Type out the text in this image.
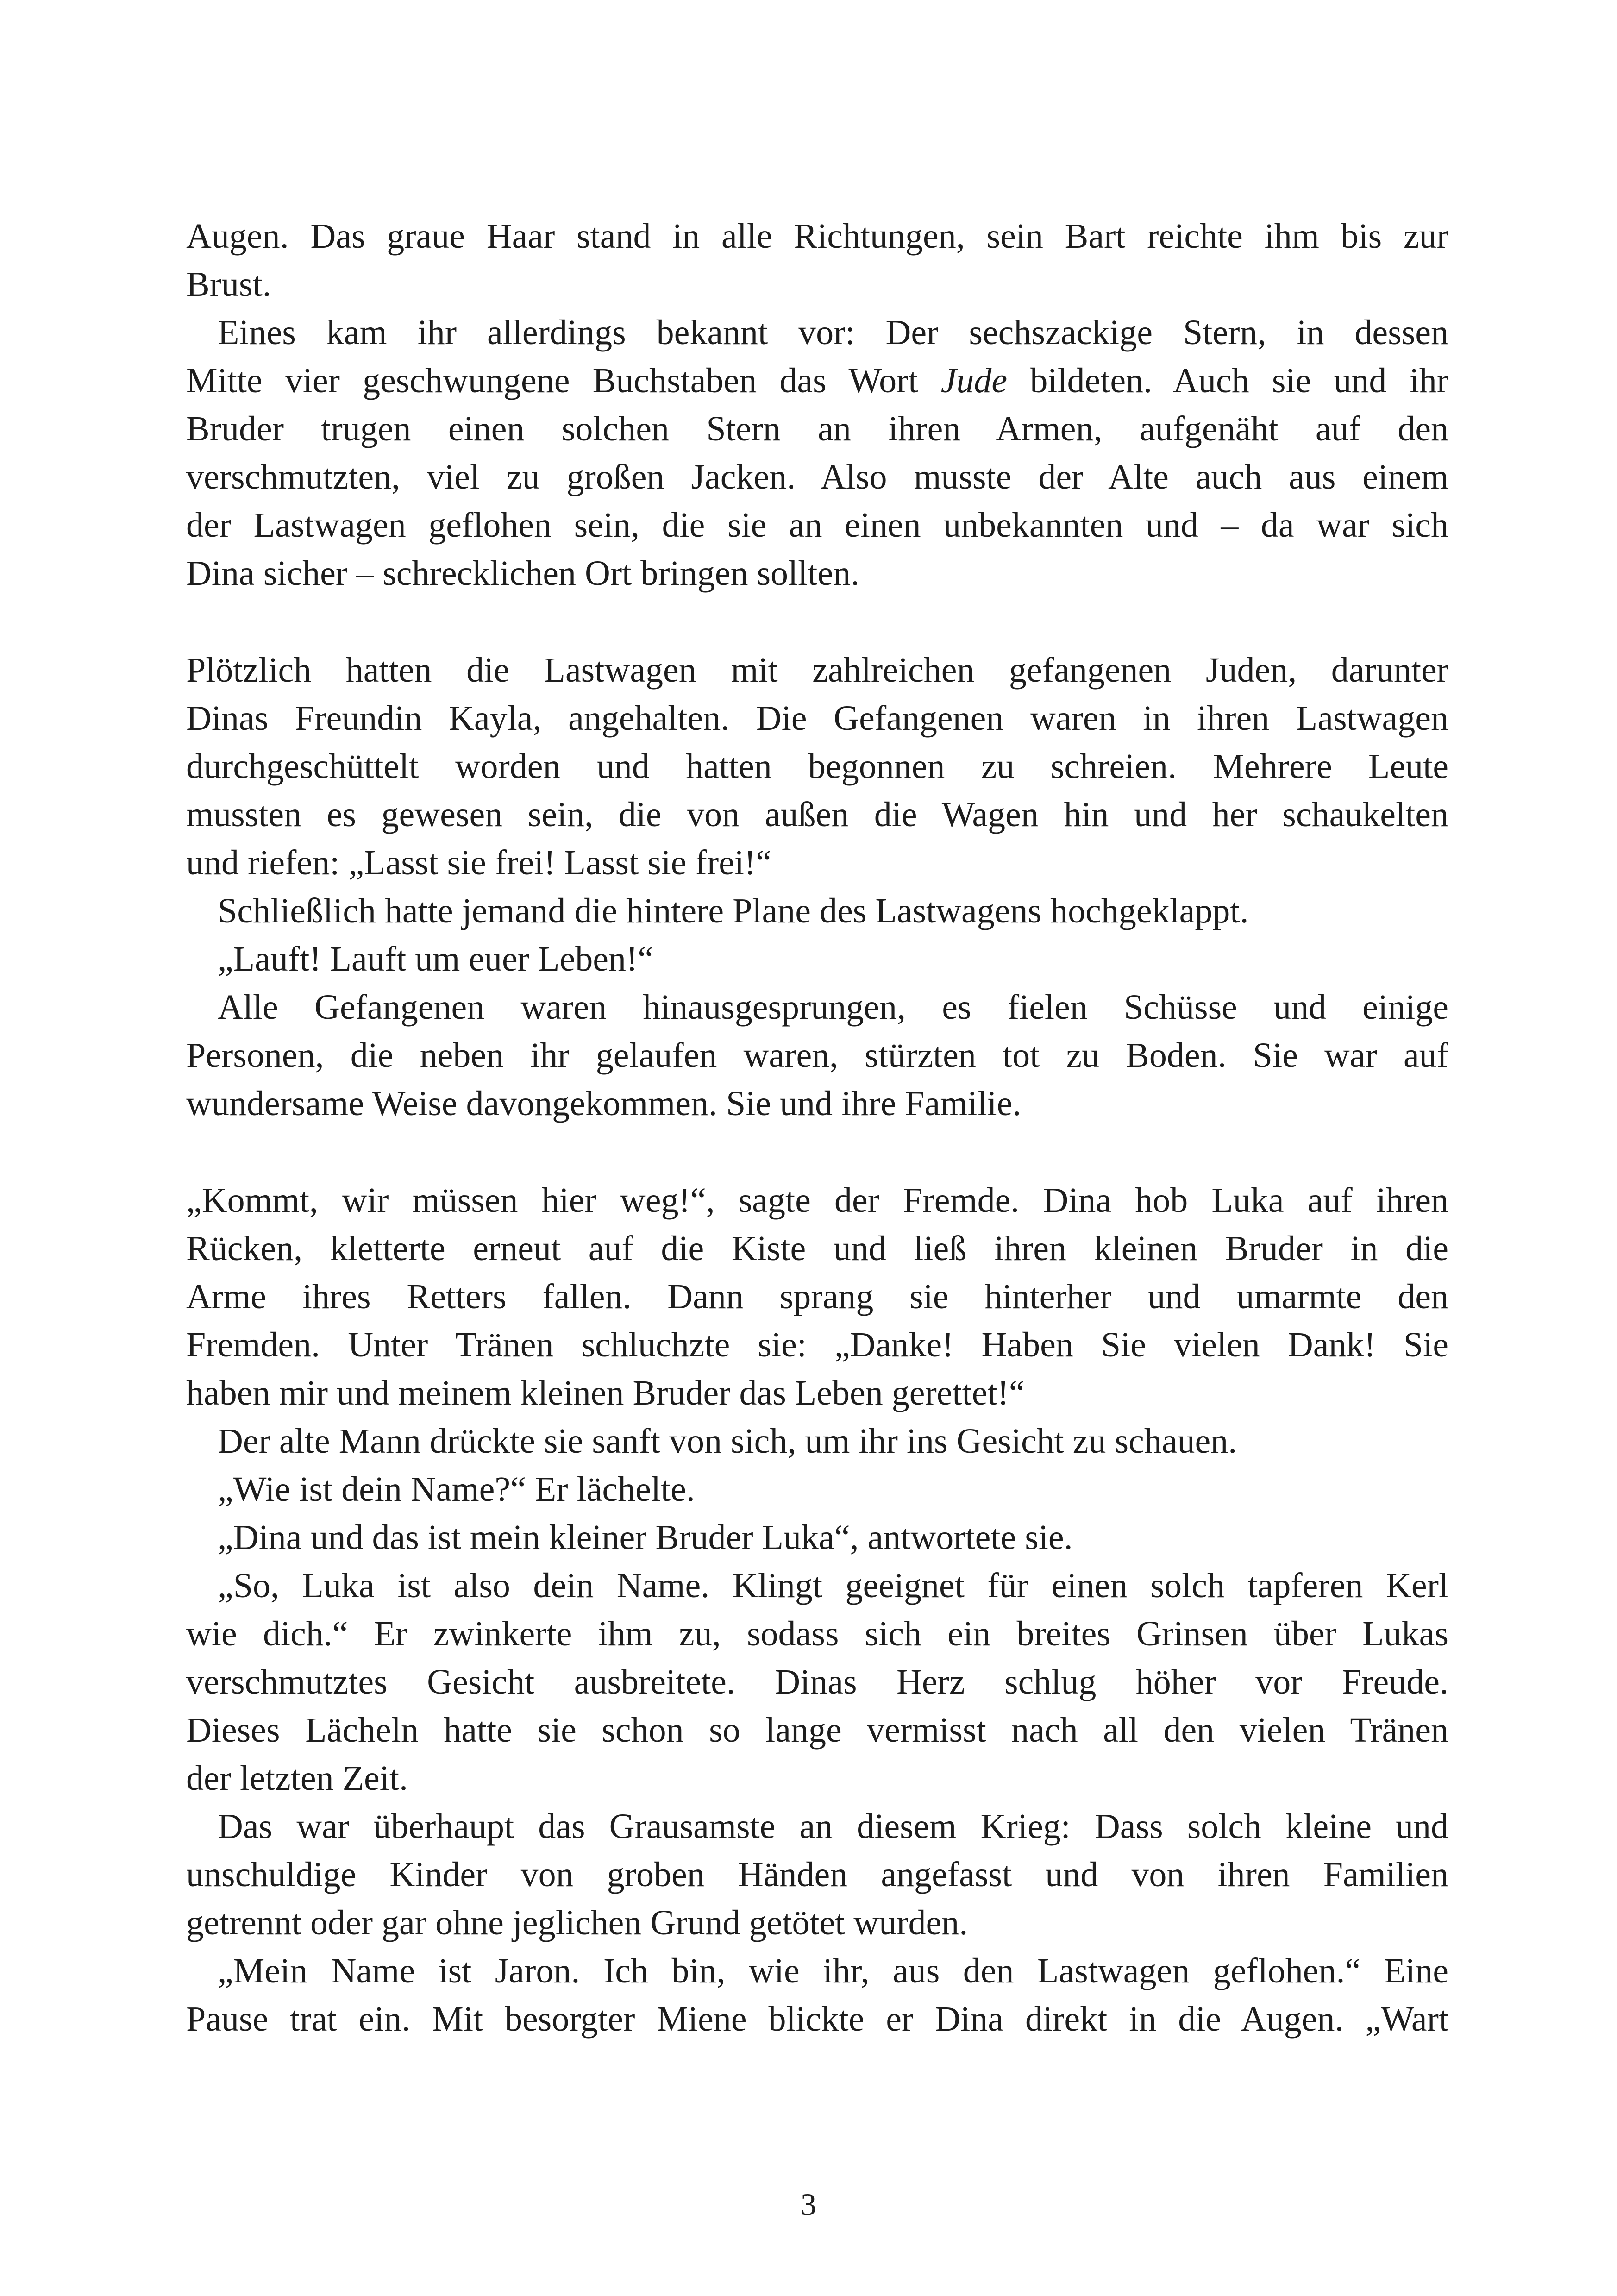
Augen. Das graue Haar stand in alle Richtungen, sein Bart reichte ihm bis zur
Brust.
Eines kam ihr allerdings bekannt vor: Der sechszackige Stern, in dessen
Mitte vier geschwungene Buchstaben das Wort Jude bildeten. Auch sie und ihr
Bruder trugen einen solchen Stern an ihren Armen, aufgenäht auf den
verschmutzten, viel zu großen Jacken. Also musste der Alte auch aus einem
der Lastwagen geflohen sein, die sie an einen unbekannten und – da war sich
Dina sicher – schrecklichen Ort bringen sollten.
Plötzlich hatten die Lastwagen mit zahlreichen gefangenen Juden, darunter
Dinas Freundin Kayla, angehalten. Die Gefangenen waren in ihren Lastwagen
durchgeschüttelt worden und hatten begonnen zu schreien. Mehrere Leute
mussten es gewesen sein, die von außen die Wagen hin und her schaukelten
und riefen: „Lasst sie frei! Lasst sie frei!“
Schließlich hatte jemand die hintere Plane des Lastwagens hochgeklappt.
„Lauft! Lauft um euer Leben!“
Alle Gefangenen waren hinausgesprungen, es fielen Schüsse und einige
Personen, die neben ihr gelaufen waren, stürzten tot zu Boden. Sie war auf
wundersame Weise davongekommen. Sie und ihre Familie.
„Kommt, wir müssen hier weg!“, sagte der Fremde. Dina hob Luka auf ihren
Rücken, kletterte erneut auf die Kiste und ließ ihren kleinen Bruder in die
Arme ihres Retters fallen. Dann sprang sie hinterher und umarmte den
Fremden. Unter Tränen schluchzte sie: „Danke! Haben Sie vielen Dank! Sie
haben mir und meinem kleinen Bruder das Leben gerettet!“
Der alte Mann drückte sie sanft von sich, um ihr ins Gesicht zu schauen.
„Wie ist dein Name?“ Er lächelte.
„Dina und das ist mein kleiner Bruder Luka“, antwortete sie.
„So, Luka ist also dein Name. Klingt geeignet für einen solch tapferen Kerl
wie dich.“ Er zwinkerte ihm zu, sodass sich ein breites Grinsen über Lukas
verschmutztes Gesicht ausbreitete. Dinas Herz schlug höher vor Freude.
Dieses Lächeln hatte sie schon so lange vermisst nach all den vielen Tränen
der letzten Zeit.
Das war überhaupt das Grausamste an diesem Krieg: Dass solch kleine und
unschuldige Kinder von groben Händen angefasst und von ihren Familien
getrennt oder gar ohne jeglichen Grund getötet wurden.
„Mein Name ist Jaron. Ich bin, wie ihr, aus den Lastwagen geflohen.“ Eine
Pause trat ein. Mit besorgter Miene blickte er Dina direkt in die Augen. „Wart
3
